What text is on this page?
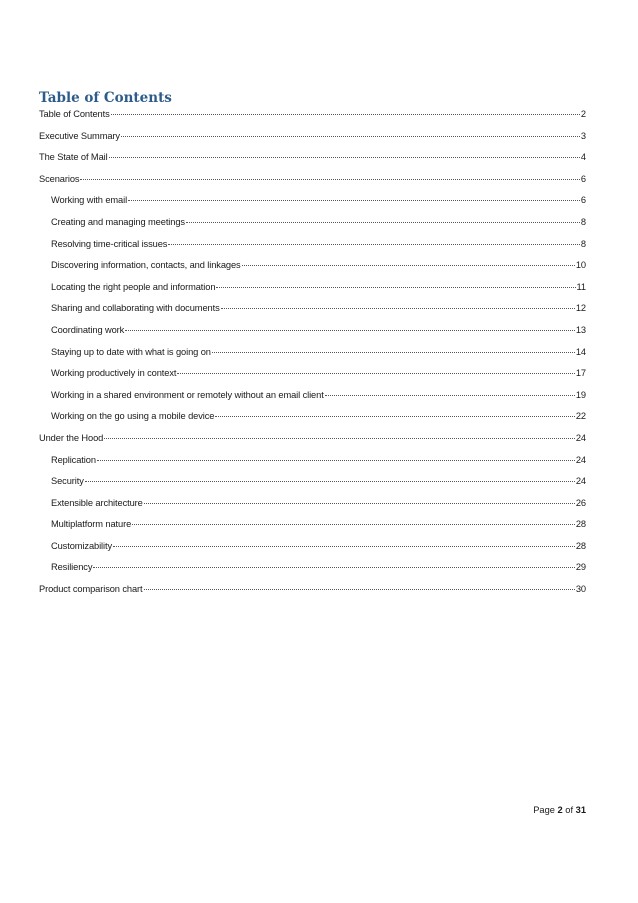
Table of Contents
Table of Contents	2
Executive Summary	3
The State of Mail	4
Scenarios	6
Working with email	6
Creating and managing meetings	8
Resolving time-critical issues	8
Discovering information, contacts, and linkages	10
Locating the right people and information	11
Sharing and collaborating with documents	12
Coordinating work	13
Staying up to date with what is going on	14
Working productively in context	17
Working in a shared environment or remotely without an email client	19
Working on the go using a mobile device	22
Under the Hood	24
Replication	24
Security	24
Extensible architecture	26
Multiplatform nature	28
Customizability	28
Resiliency	29
Product comparison chart	30
Page 2 of 31
